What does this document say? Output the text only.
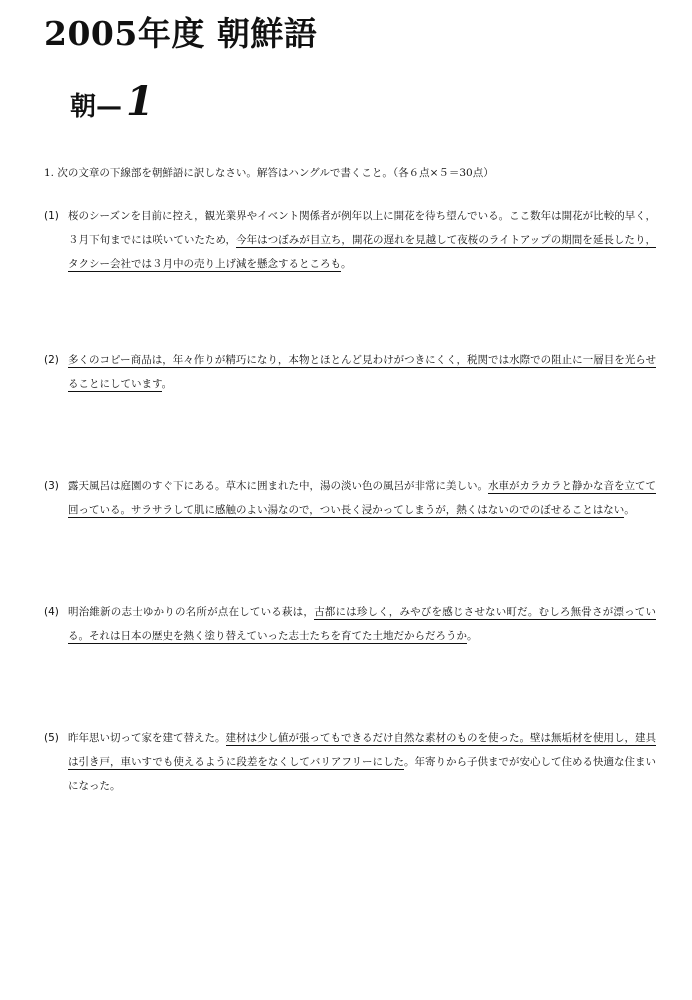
2005年度 朝鮮語
朝— 1
1. 次の文章の下線部を朝鮮語に訳しなさい。解答はハングルで書くこと。（各６点×５＝30点）
(1) 桜のシーズンを目前に控え，観光業界やイベント関係者が例年以上に開花を待ち望んでいる。ここ数年は開花が比較的早く，３月下旬までには咲いていたため，今年はつぼみが目立ち，開花の遅れを見越して夜桜のライトアップの期間を延長したり，タクシー会社では３月中の売り上げ減を懸念するところも。
(2) 多くのコピー商品は，年々作りが精巧になり，本物とほとんど見わけがつきにくく，税関では水際での阻止に一層目を光らせることにしています。
(3) 露天風呂は庭園のすぐ下にある。草木に囲まれた中，湯の淡い色の風呂が非常に美しい。水車がカラカラと静かな音を立てて回っている。サラサラして肌に感触のよい湯なので，つい長く浸かってしまうが，熱くはないのでのぼせることはない。
(4) 明治維新の志士ゆかりの名所が点在している萩は，古都には珍しく，みやびを感じさせない町だ。むしろ無骨さが漂っている。それは日本の歴史を熱く塗り替えていった志士たちを育てた土地だからだろうか。
(5) 昨年思い切って家を建て替えた。建材は少し値が張ってもできるだけ自然な素材のものを使った。壁は無垢材を使用し，建具は引き戸，車いすでも使えるように段差をなくしてバリアフリーにした。年寄りから子供までが安心して住める快適な住まいになった。
